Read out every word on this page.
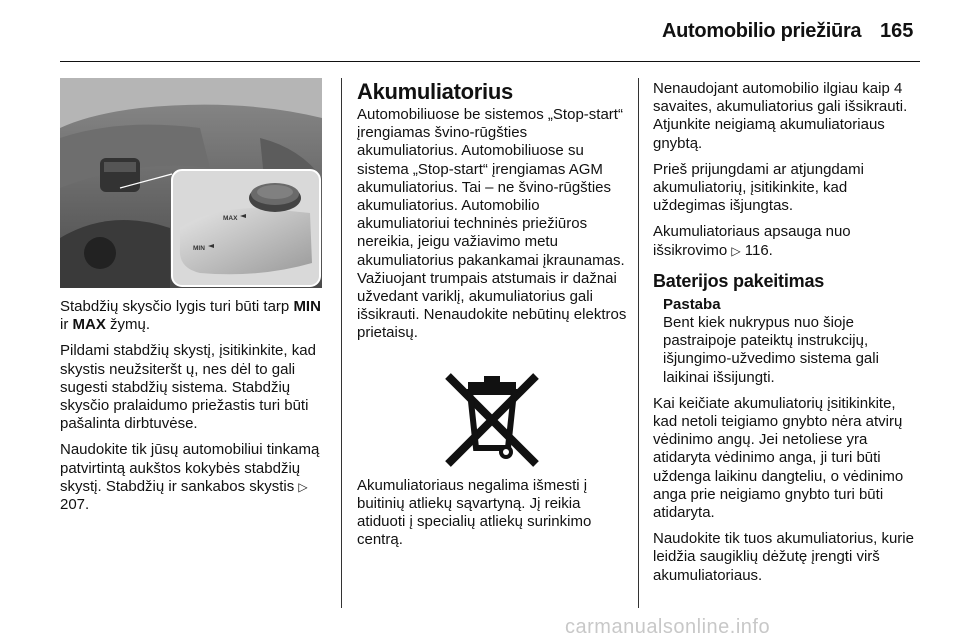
Automobilio priežiūra 165
MAX
MIN

Stabdžių skysčio lygis turi būti tarp MIN ir MAX žymų.

Pildami stabdžių skystį, įsitikinkite, kad skystis neužsiteršt ų, nes dėl to gali sugesti stabdžių sistema. Stabdžių skysčio pralaidumo priežastis turi būti pašalinta dirbtuvėse.

Naudokite tik jūsų automobiliui tinkamą patvirtintą aukštos kokybės stabdžių skystį. Stabdžių ir sankabos skystis ▷ 207.

Akumuliatorius

Automobiliuose be sistemos „Stop-start“ įrengiamas švino-rūgšties akumuliatorius. Automobiliuose su sistema „Stop-start“ įrengiamas AGM akumuliatorius. Tai – ne švino-rūgšties akumuliatorius. Automobilio akumuliatoriui techninės priežiūros nereikia, jeigu važiavimo metu akumuliatorius pakankamai įkraunamas. Važiuojant trumpais atstumais ir dažnai užvedant variklį, akumuliatorius gali išsikrauti. Nenaudokite nebūtinų elektros prietaisų.

Akumuliatoriaus negalima išmesti į buitinių atliekų sąvartyną. Jį reikia atiduoti į specialių atliekų surinkimo centrą.

Nenaudojant automobilio ilgiau kaip 4 savaites, akumuliatorius gali išsikrauti. Atjunkite neigiamą akumuliatoriaus gnybtą.

Prieš prijungdami ar atjungdami akumuliatorių, įsitikinkite, kad uždegimas išjungtas.

Akumuliatoriaus apsauga nuo išsikrovimo ▷ 116.

Baterijos pakeitimas
Pastaba
Bent kiek nukrypus nuo šioje pastraipoje pateiktų instrukcijų, išjungimo-užvedimo sistema gali laikinai išsijungti.

Kai keičiate akumuliatorių įsitikinkite, kad netoli teigiamo gnybto nėra atvirų vėdinimo angų. Jei netoliese yra atidaryta vėdinimo anga, ji turi būti uždenga laikinu dangteliu, o vėdinimo anga prie neigiamo gnybto turi būti atidaryta.

Naudokite tik tuos akumuliatorius, kurie leidžia saugiklių dėžutę įrengti virš akumuliatoriaus.

carmanualsonline.info
